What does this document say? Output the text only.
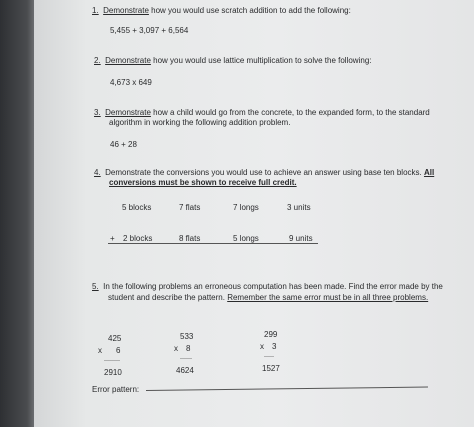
1. Demonstrate how you would use scratch addition to add the following:
5,455 + 3,097 + 6,564
2. Demonstrate how you would use lattice multiplication to solve the following:
4,673 x 649
3. Demonstrate how a child would go from the concrete, to the expanded form, to the standard
algorithm in working the following addition problem.
46 + 28
4. Demonstrate the conversions you would use to achieve an answer using base ten blocks. All
conversions must be shown to receive full credit.
5 blocks	7 flats	7 longs	3 units
+ 2 blocks	8 flats	5 longs	9 units
5. In the following problems an erroneous computation has been made. Find the error made by the
student and describe the pattern. Remember the same error must be in all three problems.
425
x 6
--------
2910
533
x 8
------
4624
299
x 3
-----
1527
Error pattern:
